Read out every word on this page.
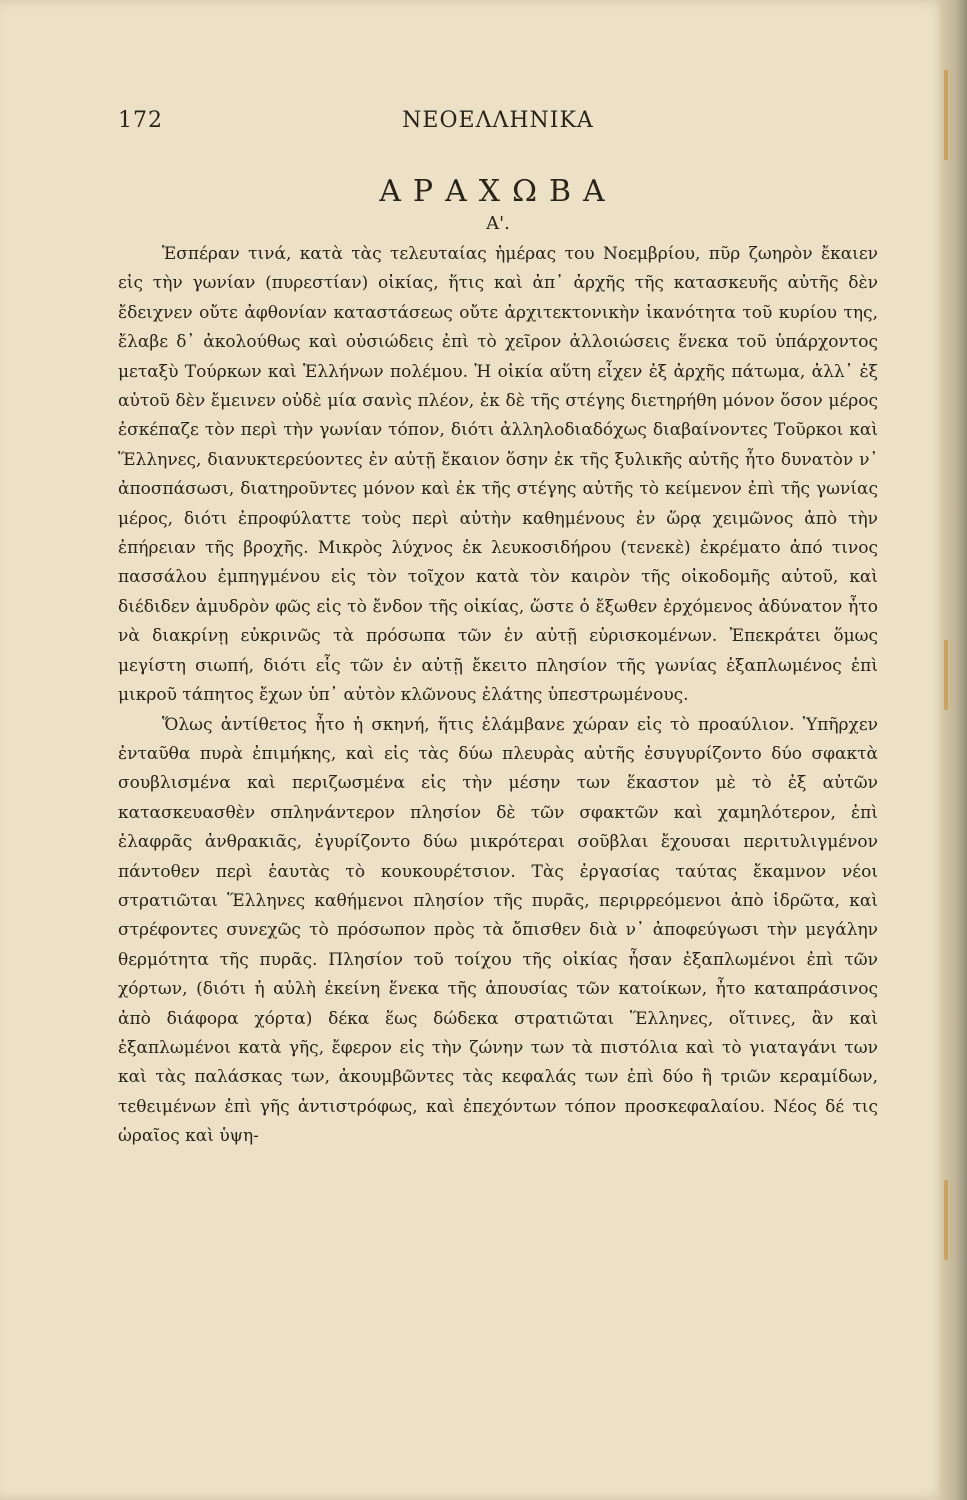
172	ΝΕΟΕΛΛΗΝΙΚΑ
ΑΡΑΧΩΒΑ
Α'.

Ἑσπέραν τινά, κατὰ τὰς τελευταίας ἡμέρας του Νοεμβρίου, πῦρ ζωηρὸν ἔκαιεν εἰς τὴν γωνίαν (πυρεστίαν) οἰκίας, ἥτις καὶ ἀπ᾽ ἀρχῆς τῆς κατασκευῆς αὐτῆς δὲν ἔδειχνεν οὔτε ἀφθονίαν καταστάσεως οὔτε ἀρχιτεκτονικὴν ἱκανότητα τοῦ κυρίου της, ἔλαβε δ᾽ ἀκολούθως καὶ οὐσιώδεις ἐπὶ τὸ χεῖρον ἀλλοιώσεις ἕνεκα τοῦ ὑπάρχοντος μεταξὺ Τούρκων καὶ Ἑλλήνων πολέμου. Ἡ οἰκία αὕτη εἶχεν ἐξ ἀρχῆς πάτωμα, ἀλλ᾽ ἐξ αὐτοῦ δὲν ἔμεινεν οὐδὲ μία σανὶς πλέον, ἐκ δὲ τῆς στέγης διετηρήθη μόνον ὅσον μέρος ἐσκέπαζε τὸν περὶ τὴν γωνίαν τόπον, διότι ἀλληλοδιαδόχως διαβαίνοντες Τοῦρκοι καὶ Ἕλληνες, διανυκτερεύοντες ἐν αὐτῇ ἔκαιον ὅσην ἐκ τῆς ξυλικῆς αὐτῆς ἦτο δυνατὸν ν᾽ ἀποσπάσωσι, διατηροῦντες μόνον καὶ ἐκ τῆς στέγης αὐτῆς τὸ κείμενον ἐπὶ τῆς γωνίας μέρος, διότι ἐπροφύλαττε τοὺς περὶ αὐτὴν καθημένους ἐν ὥρᾳ χειμῶνος ἀπὸ τὴν ἐπήρειαν τῆς βροχῆς. Μικρὸς λύχνος ἐκ λευκοσιδήρου (τενεκὲ) ἐκρέματο ἀπό τινος πασσάλου ἐμπηγμένου εἰς τὸν τοῖχον κατὰ τὸν καιρὸν τῆς οἰκοδομῆς αὐτοῦ, καὶ διέδιδεν ἀμυδρὸν φῶς εἰς τὸ ἔνδον τῆς οἰκίας, ὥστε ὁ ἔξωθεν ἐρχόμενος ἀδύνατον ἦτο νὰ διακρίνῃ εὐκρινῶς τὰ πρόσωπα τῶν ἐν αὐτῇ εὑρισκομένων. Ἐπεκράτει ὅμως μεγίστη σιωπή, διότι εἷς τῶν ἐν αὐτῇ ἔκειτο πλησίον τῆς γωνίας ἐξαπλωμένος ἐπὶ μικροῦ τάπητος ἔχων ὑπ᾽ αὐτὸν κλῶνους ἐλάτης ὑπεστρωμένους.

Ὅλως ἀντίθετος ἦτο ἡ σκηνή, ἥτις ἐλάμβανε χώραν εἰς τὸ προαύλιον. Ὑπῆρχεν ἐνταῦθα πυρὰ ἐπιμήκης, καὶ εἰς τὰς δύω πλευρὰς αὐτῆς ἐσυγυρίζοντο δύο σφακτὰ σουβλισμένα καὶ περιζωσμένα εἰς τὴν μέσην των ἕκαστον μὲ τὸ ἐξ αὐτῶν κατασκευασθὲν σπληνάντερον πλησίον δὲ τῶν σφακτῶν καὶ χαμηλότερον, ἐπὶ ἐλαφρᾶς ἀνθρακιᾶς, ἐγυρίζοντο δύω μικρότεραι σοῦβλαι ἔχουσαι περιτυλιγμένον πάντοθεν περὶ ἑαυτὰς τὸ κουκουρέτσιον. Τὰς ἐργασίας ταύτας ἔκαμνον νέοι στρατιῶται Ἕλληνες καθήμενοι πλησίον τῆς πυρᾶς, περιρρεόμενοι ἀπὸ ἱδρῶτα, καὶ στρέφοντες συνεχῶς τὸ πρόσωπον πρὸς τὰ ὄπισθεν διὰ ν᾽ ἀποφεύγωσι τὴν μεγάλην θερμότητα τῆς πυρᾶς. Πλησίον τοῦ τοίχου τῆς οἰκίας ἦσαν ἐξαπλωμένοι ἐπὶ τῶν χόρτων, (διότι ἡ αὐλὴ ἐκείνη ἕνεκα τῆς ἀπουσίας τῶν κατοίκων, ἦτο καταπράσινος ἀπὸ διάφορα χόρτα) δέκα ἕως δώδεκα στρατιῶται Ἕλληνες, οἵτινες, ἂν καὶ ἐξαπλωμένοι κατὰ γῆς, ἔφερον εἰς τὴν ζώνην των τὰ πιστόλια καὶ τὸ γιαταγάνι των καὶ τὰς παλάσκας των, ἀκουμβῶντες τὰς κεφαλάς των ἐπὶ δύο ἢ τριῶν κεραμίδων, τεθειμένων ἐπὶ γῆς ἀντιστρόφως, καὶ ἐπεχόντων τόπον προσκεφαλαίου. Νέος δέ τις ὡραῖος καὶ ὑψη-
